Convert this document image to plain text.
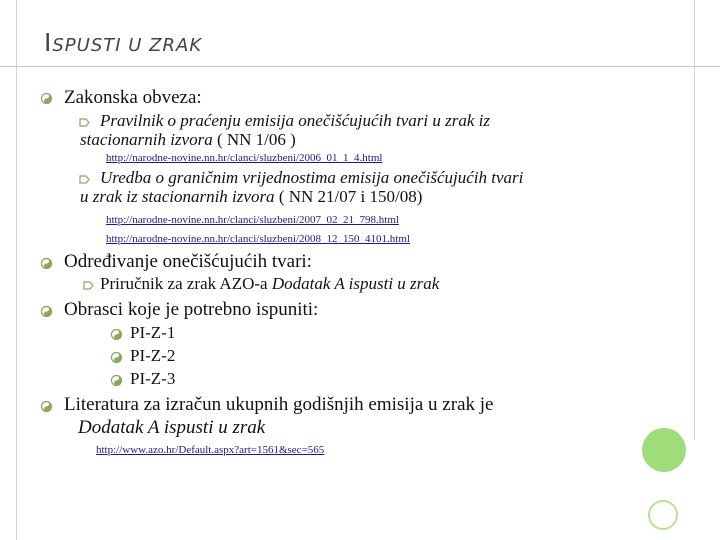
ISPUSTI U ZRAK
Zakonska obveza:
Pravilnik o praćenju emisija onečišćujućih tvari u zrak iz
stacionarnih izvora ( NN 1/06 )
http://narodne-novine.nn.hr/clanci/sluzbeni/2006_01_1_4.html
Uredba o graničnim vrijednostima emisija onečišćujućih tvari
u zrak iz stacionarnih izvora ( NN 21/07 i 150/08)
http://narodne-novine.nn.hr/clanci/sluzbeni/2007_02_21_798.html
http://narodne-novine.nn.hr/clanci/sluzbeni/2008_12_150_4101.html
Određivanje onečišćujućih tvari:
Priručnik za zrak AZO-a Dodatak A ispusti u zrak
Obrasci koje je potrebno ispuniti:
PI-Z-1
PI-Z-2
PI-Z-3
Literatura za izračun ukupnih godišnjih emisija u zrak je
Dodatak A ispusti u zrak
http://www.azo.hr/Default.aspx?art=1561&sec=565
